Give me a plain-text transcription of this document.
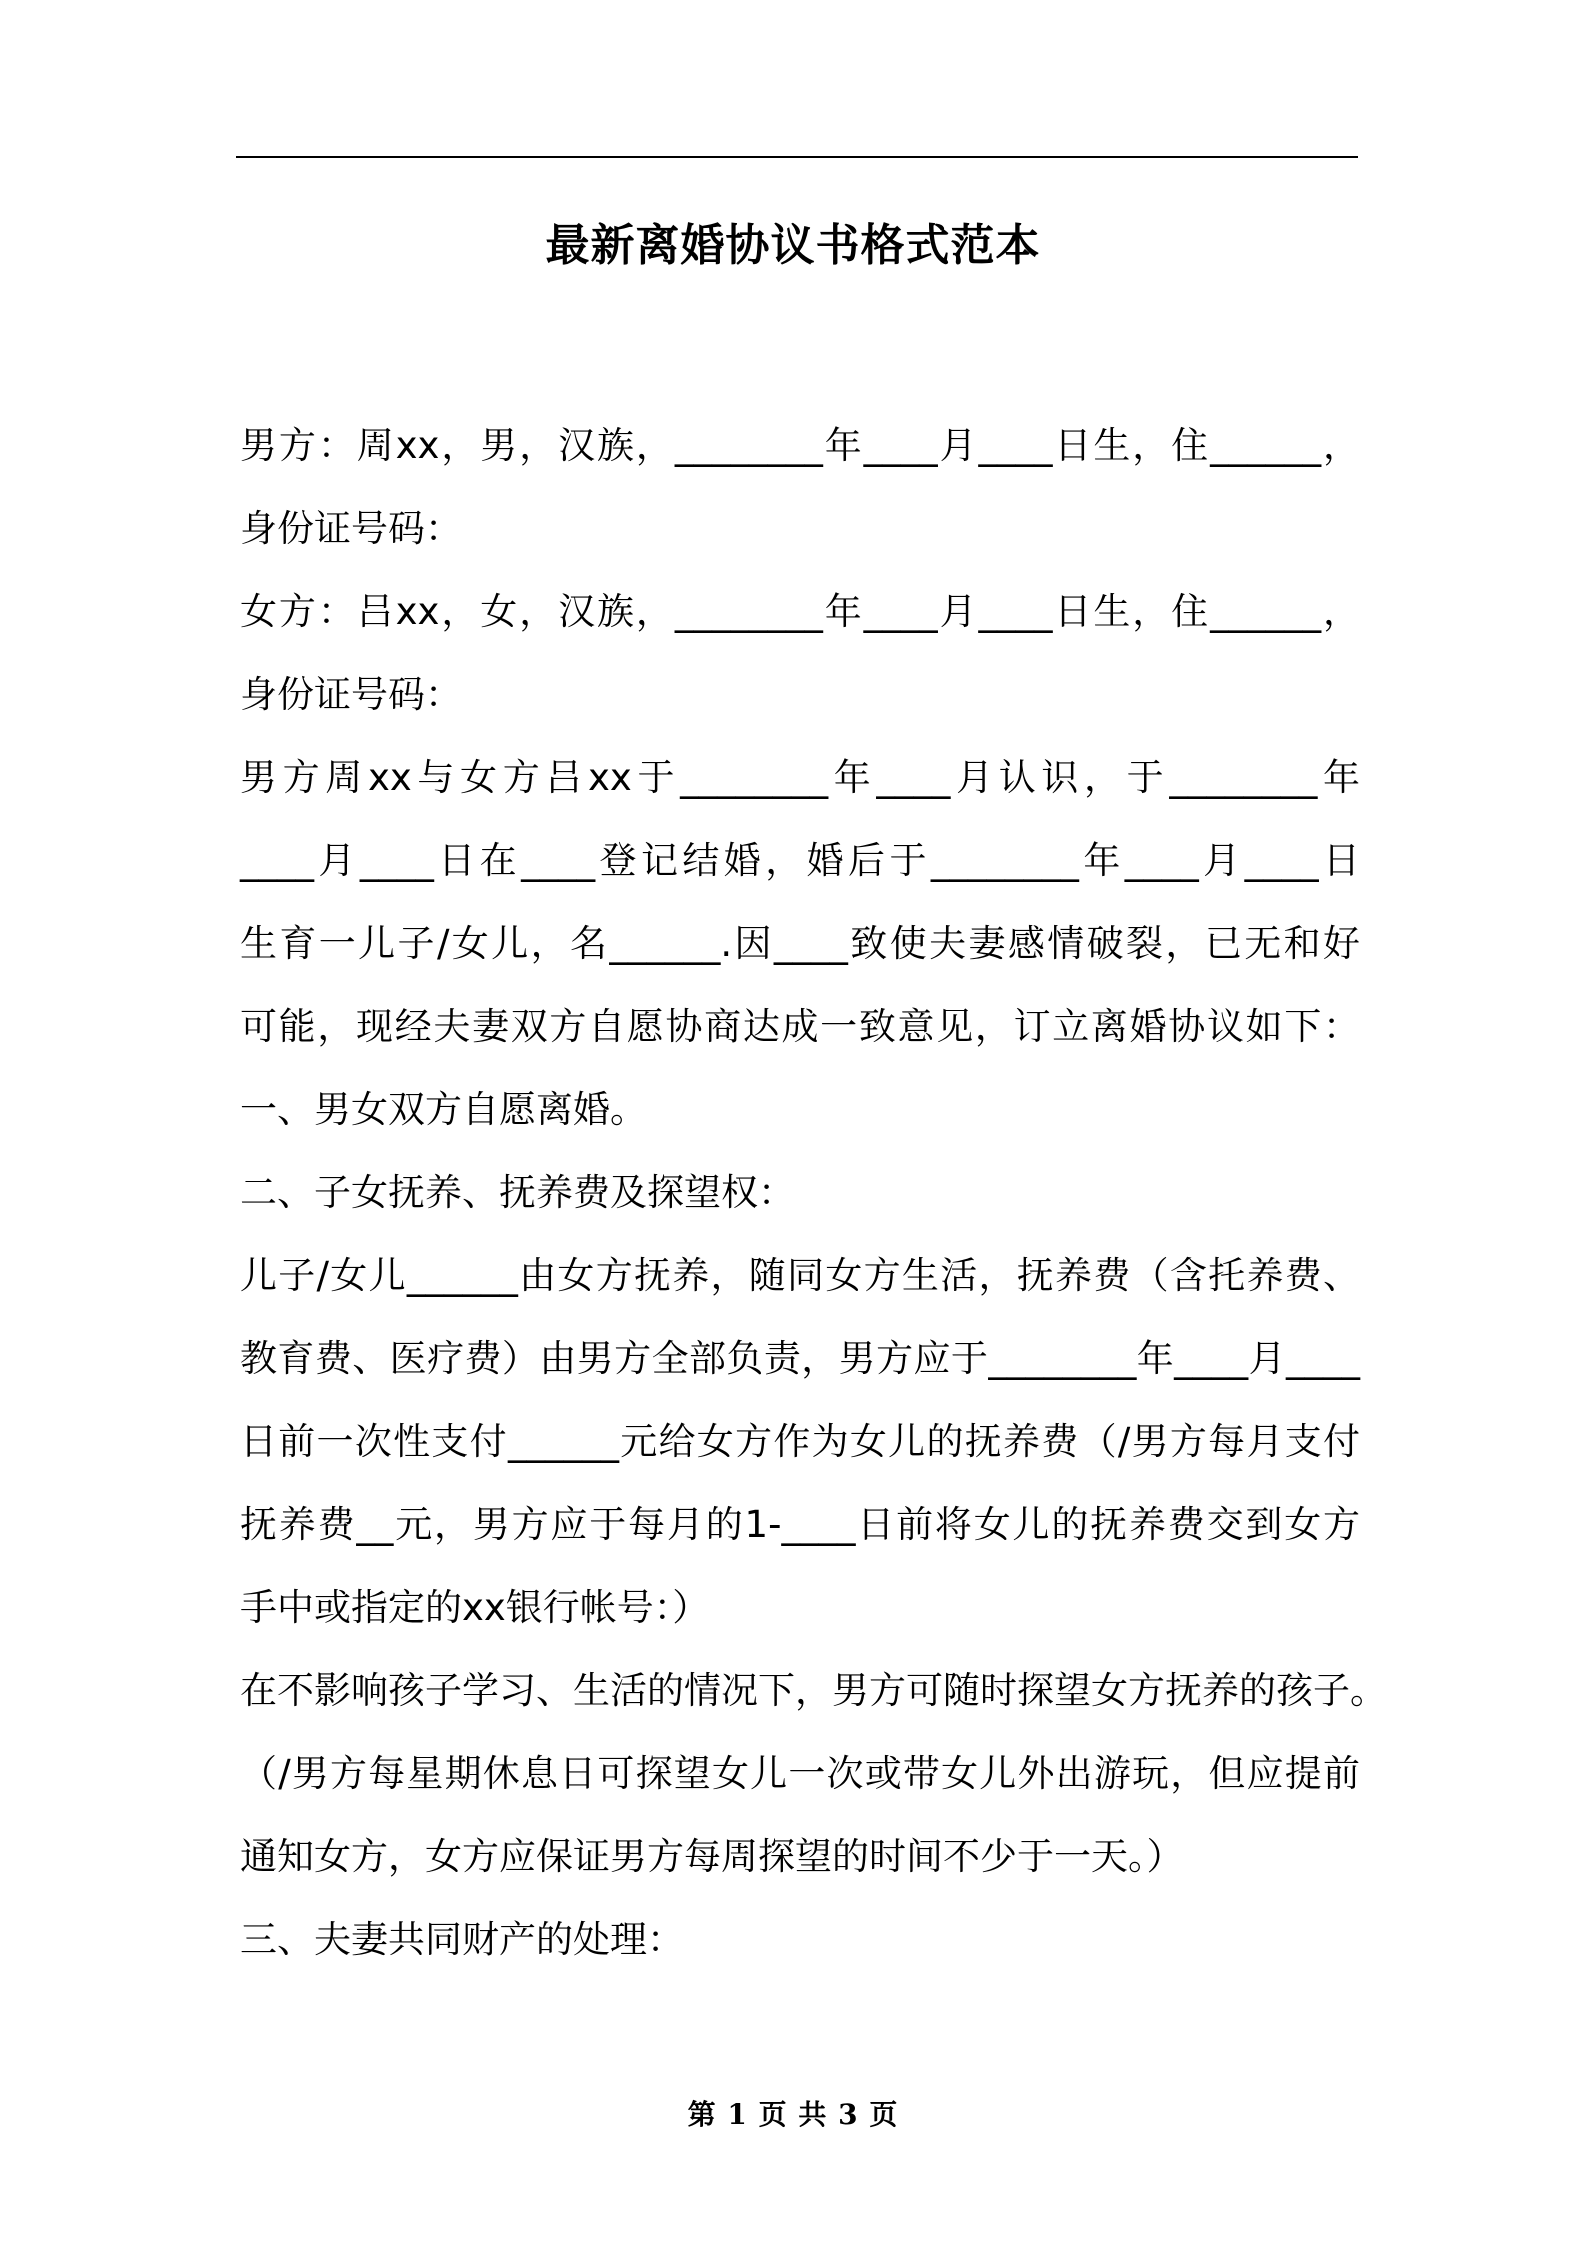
最新离婚协议书格式范本
男方：周xx，男，汉族，________年____月____日生，住______，
身份证号码：
女方：吕xx，女，汉族，________年____月____日生，住______，
身份证号码：
男方周xx与女方吕xx于________年____月认识，于________年
____月____日在____登记结婚，婚后于________年____月____日
生育一儿子/女儿，名______.因____致使夫妻感情破裂，已无和好
可能，现经夫妻双方自愿协商达成一致意见，订立离婚协议如下：
一、男女双方自愿离婚。
二、子女抚养、抚养费及探望权：
儿子/女儿______由女方抚养，随同女方生活，抚养费（含托养费、
教育费、医疗费）由男方全部负责，男方应于________年____月____
日前一次性支付______元给女方作为女儿的抚养费（/男方每月支付
抚养费__元，男方应于每月的1-____日前将女儿的抚养费交到女方
手中或指定的xx银行帐号：）
在不影响孩子学习、生活的情况下，男方可随时探望女方抚养的孩子。
（/男方每星期休息日可探望女儿一次或带女儿外出游玩，但应提前
通知女方，女方应保证男方每周探望的时间不少于一天。）
三、夫妻共同财产的处理：
第 1 页 共 3 页
